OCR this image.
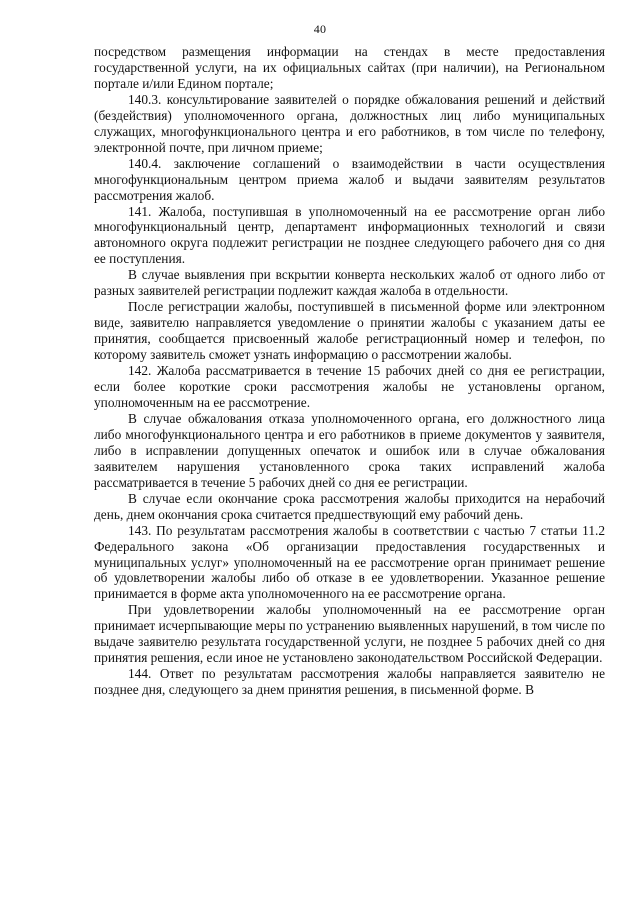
40

посредством размещения информации на стендах в месте предоставления государственной услуги, на их официальных сайтах (при наличии), на Региональном портале и/или Едином портале;

140.3. консультирование заявителей о порядке обжалования решений и действий (бездействия) уполномоченного органа, должностных лиц либо муниципальных служащих, многофункционального центра и его работников, в том числе по телефону, электронной почте, при личном приеме;

140.4. заключение соглашений о взаимодействии в части осуществления многофункциональным центром приема жалоб и выдачи заявителям результатов рассмотрения жалоб.

141. Жалоба, поступившая в уполномоченный на ее рассмотрение орган либо многофункциональный центр, департамент информационных технологий и связи автономного округа подлежит регистрации не позднее следующего рабочего дня со дня ее поступления.

В случае выявления при вскрытии конверта нескольких жалоб от одного либо от разных заявителей регистрации подлежит каждая жалоба в отдельности.

После регистрации жалобы, поступившей в письменной форме или электронном виде, заявителю направляется уведомление о принятии жалобы с указанием даты ее принятия, сообщается присвоенный жалобе регистрационный номер и телефон, по которому заявитель сможет узнать информацию о рассмотрении жалобы.

142. Жалоба рассматривается в течение 15 рабочих дней со дня ее регистрации, если более короткие сроки рассмотрения жалобы не установлены органом, уполномоченным на ее рассмотрение.

В случае обжалования отказа уполномоченного органа, его должностного лица либо многофункционального центра и его работников в приеме документов у заявителя, либо в исправлении допущенных опечаток и ошибок или в случае обжалования заявителем нарушения установленного срока таких исправлений жалоба рассматривается в течение 5 рабочих дней со дня ее регистрации.

В случае если окончание срока рассмотрения жалобы приходится на нерабочий день, днем окончания срока считается предшествующий ему рабочий день.

143. По результатам рассмотрения жалобы в соответствии с частью 7 статьи 11.2 Федерального закона «Об организации предоставления государственных и муниципальных услуг» уполномоченный на ее рассмотрение орган принимает решение об удовлетворении жалобы либо об отказе в ее удовлетворении. Указанное решение принимается в форме акта уполномоченного на ее рассмотрение органа.

При удовлетворении жалобы уполномоченный на ее рассмотрение орган принимает исчерпывающие меры по устранению выявленных нарушений, в том числе по выдаче заявителю результата государственной услуги, не позднее 5 рабочих дней со дня принятия решения, если иное не установлено законодательством Российской Федерации.

144. Ответ по результатам рассмотрения жалобы направляется заявителю не позднее дня, следующего за днем принятия решения, в письменной форме. В
